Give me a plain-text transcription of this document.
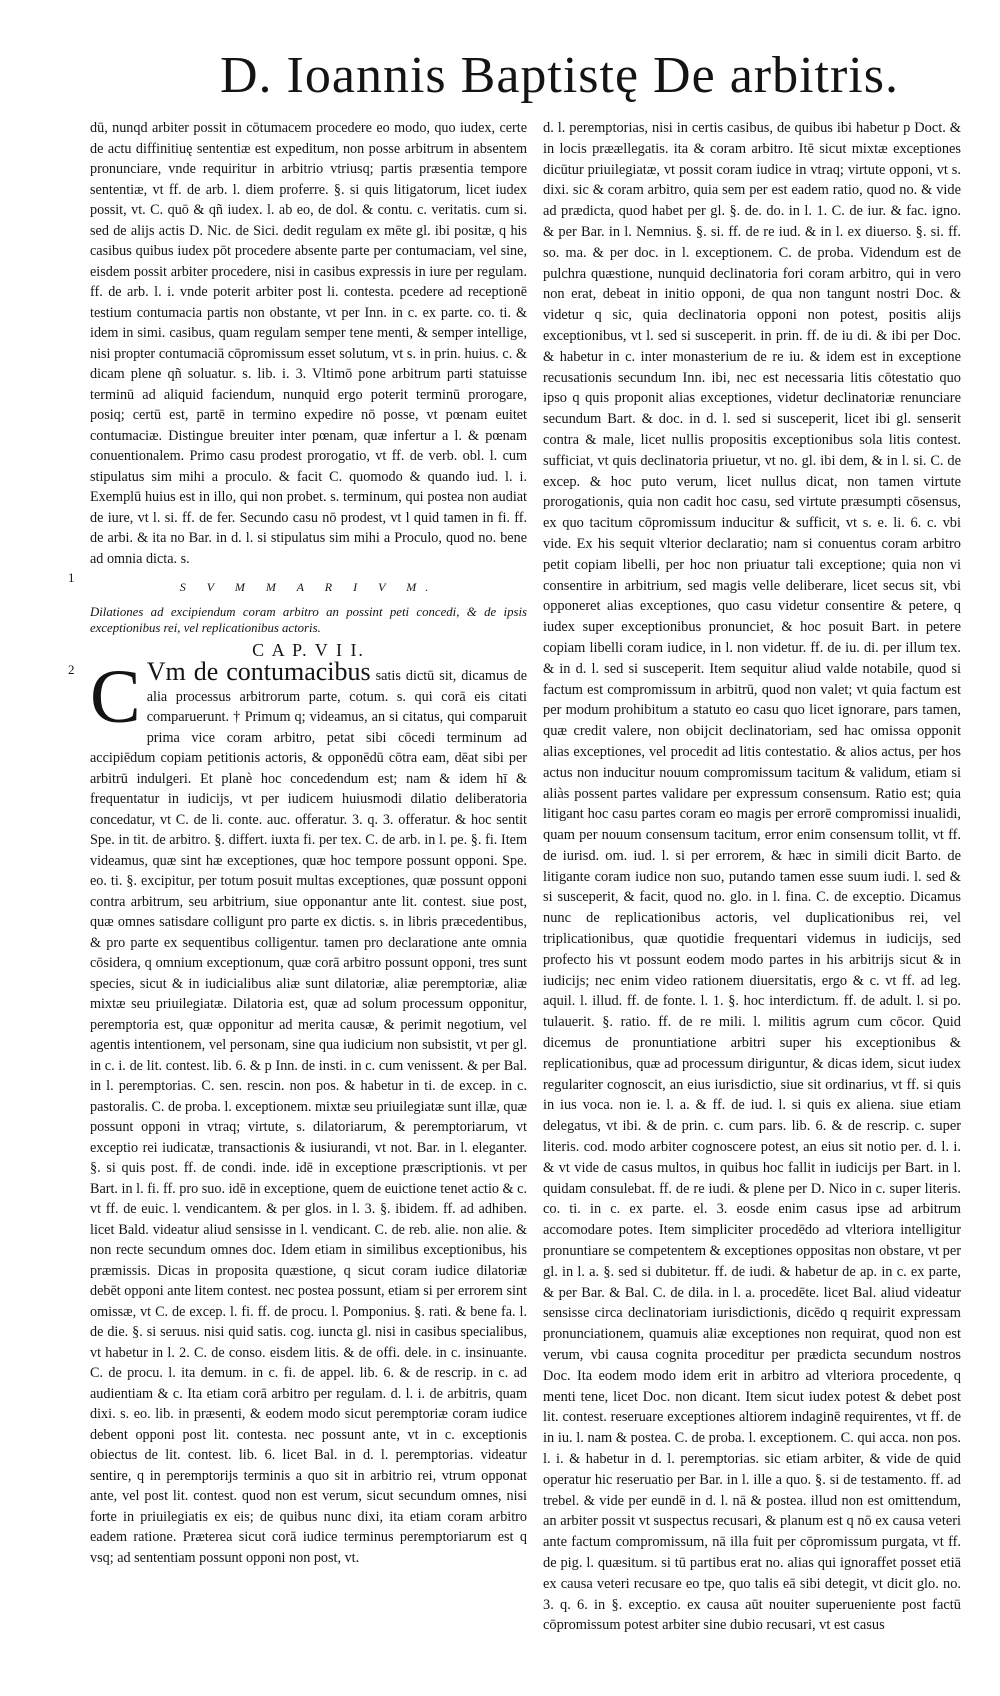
D. Ioannis Baptistę De arbitris.

dū, nunqd arbiter possit in cōtumacem procedere eo modo, quo iudex, certe de actu diffinitiuę sententiæ est expeditum, non posse arbitrum in absentem pronunciare, vnde requiritur in arbitrio vtriusq; partis præsentia tempore sententiæ, vt ff. de arb. l. diem proferre. §. si quis litigatorum, licet iudex possit, vt. C. quō & qñ iudex. l. ab eo, de dol. & contu. c. veritatis. cum si. sed de alijs actis D. Nic. de Sici. dedit regulam ex mēte gl. ibi positæ, q his casibus quibus iudex pōt procedere absente parte per contumaciam, vel sine, eisdem possit arbiter procedere, nisi in casibus expressis in iure per regulam. ff. de arb. l. i. vnde poterit arbiter post li. contesta. pcedere ad receptionē testium contumacia partis non obstante, vt per Inn. in c. ex parte. co. ti. & idem in simi. casibus, quam regulam semper tene menti, & semper intellige, nisi propter contumaciā cōpromissum esset solutum, vt s. in prin. huius. c. & dicam plene qñ soluatur. s. lib. i. 3. Vltimō pone arbitrum parti statuisse terminū ad aliquid faciendum, nunquid ergo poterit terminū prorogare, posiq; certū est, partē in termino expedire nō posse, vt pœnam euitet contumaciæ. Distingue breuiter inter pœnam, quæ infertur a l. & pœnam conuentionalem. Primo casu prodest prorogatio, vt ff. de verb. obl. l. cum stipulatus sim mihi a proculo. & facit C. quomodo & quando iud. l. i. Exemplū huius est in illo, qui non probet. s. terminum, qui postea non audiat de iure, vt l. si. ff. de fer. Secundo casu nō prodest, vt l quid tamen in fi. ff. de arbi. & ita no Bar. in d. l. si stipulatus sim mihi a Proculo, quod no. bene ad omnia dicta. s.

S V M M A R I V M.

Dilationes ad excipiendum coram arbitro an possint peti concedi, & de ipsis exceptionibus rei, vel replicationibus actoris.

C A P. V I I.

C Vm de contumacibus satis dictū sit, dicamus de alia processus arbitrorum parte, cotum. s. qui corā eis citati comparuerunt. † Primum q; videamus, an si citatus, qui comparuit prima vice coram arbitro, petat sibi cōcedi terminum ad accipiēdum copiam petitionis actoris, & opponēdū cōtra eam, dēat sibi per arbitrū indulgeri. Et planè hoc concedendum est; nam & idem hī & frequentatur in iudicijs, vt per iudicem huiusmodi dilatio deliberatoria concedatur, vt C. de li. conte. auc. offeratur. 3. q. 3. offeratur. & hoc sentit Spe. in tit. de arbitro. §. differt. iuxta fi. per tex. C. de arb. in l. pe. §. fi. Item videamus, quæ sint hæ exceptiones, quæ hoc tempore possunt opponi. Spe. eo. ti. §. excipitur, per totum posuit multas exceptiones, quæ possunt opponi contra arbitrum, seu arbitrium, siue opponantur ante lit. contest. siue post, quæ omnes satisdare colligunt pro parte ex dictis. s. in libris præcedentibus, & pro parte ex sequentibus colligentur. tamen pro declaratione ante omnia cōsidera, q omnium exceptionum, quæ corā arbitro possunt opponi, tres sunt species, sicut & in iudicialibus aliæ sunt dilatoriæ, aliæ peremptoriæ, aliæ mixtæ seu priuilegiatæ. Dilatoria est, quæ ad solum processum opponitur, peremptoria est, quæ opponitur ad merita causæ, & perimit negotium, vel agentis intentionem, vel personam, sine qua iudicium non subsistit, vt per gl. in c. i. de lit. contest. lib. 6. & p Inn. de insti. in c. cum venissent. & per Bal. in l. peremptorias. C. sen. rescin. non pos. & habetur in ti. de excep. in c. pastoralis. C. de proba. l. exceptionem. mixtæ seu priuilegiatæ sunt illæ, quæ possunt opponi in vtraq; virtute, s. dilatoriarum, & peremptoriarum, vt exceptio rei iudicatæ, transactionis & iusiurandi, vt not. Bar. in l. eleganter. §. si quis post. ff. de condi. inde. idē in exceptione præscriptionis. vt per Bart. in l. fi. ff. pro suo. idē in exceptione, quem de euictione tenet actio & c. vt ff. de euic. l. vendicantem. & per glos. in l. 3. §. ibidem. ff. ad adhiben. licet Bald. videatur aliud sensisse in l. vendicant. C. de reb. alie. non alie. & non recte secundum omnes doc. Idem etiam in similibus exceptionibus, his præmissis. Dicas in proposita quæstione, q sicut coram iudice dilatoriæ debēt opponi ante litem contest. nec postea possunt, etiam si per errorem sint omissæ, vt C. de excep. l. fi. ff. de procu. l. Pomponius. §. rati. & bene fa. l. de die. §. si seruus. nisi quid satis. cog. iuncta gl. nisi in casibus specialibus, vt habetur in l. 2. C. de conso. eisdem litis. & de offi. dele. in c. insinuante. C. de procu. l. ita demum. in c. fi. de appel. lib. 6. & de rescrip. in c. ad audientiam & c. Ita etiam corā arbitro per regulam. d. l. i. de arbitris, quam dixi. s. eo. lib. in præsenti, & eodem modo sicut peremptoriæ coram iudice debent opponi post lit. contesta. nec possunt ante, vt in c. exceptionis obiectus de lit. contest. lib. 6. licet Bal. in d. l. peremptorias. videatur sentire, q in peremptorijs terminis a quo sit in arbitrio rei, vtrum opponat ante, vel post lit. contest. quod non est verum, sicut secundum omnes, nisi forte in priuilegiatis ex eis; de quibus nunc dixi, ita etiam coram arbitro eadem ratione. Præterea sicut corā iudice terminus peremptoriarum est q vsq; ad sententiam possunt opponi non post, vt.

1
2

d. l. peremptorias, nisi in certis casibus, de quibus ibi habetur p Doct. & in locis præællegatis. ita & coram arbitro. Itē sicut mixtæ exceptiones dicūtur priuilegiatæ, vt possit coram iudice in vtraq; virtute opponi, vt s. dixi. sic & coram arbitro, quia sem per est eadem ratio, quod no. & vide ad prædicta, quod habet per gl. §. de. do. in l. 1. C. de iur. & fac. igno. & per Bar. in l. Nemnius. §. si. ff. de re iud. & in l. ex diuerso. §. si. ff. so. ma. & per doc. in l. exceptionem. C. de proba. Videndum est de pulchra quæstione, nunquid declinatoria fori coram arbitro, qui in vero non erat, debeat in initio opponi, de qua non tangunt nostri Doc. & videtur q sic, quia declinatoria opponi non potest, positis alijs exceptionibus, vt l. sed si susceperit. in prin. ff. de iu di. & ibi per Doc. & habetur in c. inter monasterium de re iu. & idem est in exceptione recusationis secundum Inn. ibi, nec est necessaria litis cōtestatio quo ipso q quis proponit alias exceptiones, videtur declinatoriæ renunciare secundum Bart. & doc. in d. l. sed si susceperit, licet ibi gl. senserit contra & male, licet nullis propositis exceptionibus sola litis contest. sufficiat, vt quis declinatoria priuetur, vt no. gl. ibi dem, & in l. si. C. de excep. & hoc puto verum, licet nullus dicat, non tamen virtute prorogationis, quia non cadit hoc casu, sed virtute præsumpti cōsensus, ex quo tacitum cōpromissum inducitur & sufficit, vt s. e. li. 6. c. vbi vide. Ex his sequit vlterior declaratio; nam si conuentus coram arbitro petit copiam libelli, per hoc non priuatur tali exceptione; quia non vi consentire in arbitrium, sed magis velle deliberare, licet secus sit, vbi opponeret alias exceptiones, quo casu videtur consentire & petere, q iudex super exceptionibus pronunciet, & hoc posuit Bart. in petere copiam libelli coram iudice, in l. non videtur. ff. de iu. di. per illum tex. & in d. l. sed si susceperit. Item sequitur aliud valde notabile, quod si factum est compromissum in arbitrū, quod non valet; vt quia factum est per modum prohibitum a statuto eo casu quo licet ignorare, pars tamen, quæ credit valere, non obijcit declinatoriam, sed hac omissa opponit alias exceptiones, vel procedit ad litis contestatio. & alios actus, per hos actus non inducitur nouum compromissum tacitum & validum, etiam si aliàs possent partes validare per expressum consensum. Ratio est; quia litigant hoc casu partes coram eo magis per errorē compromissi inualidi, quam per nouum consensum tacitum, error enim consensum tollit, vt ff. de iurisd. om. iud. l. si per errorem, & hæc in simili dicit Barto. de litigante coram iudice non suo, putando tamen esse suum iudi. l. sed & si susceperit, & facit, quod no. glo. in l. fina. C. de exceptio. Dicamus nunc de replicationibus actoris, vel duplicationibus rei, vel triplicationibus, quæ quotidie frequentari videmus in iudicijs, sed profecto his vt possunt eodem modo partes in his arbitrijs sicut & in iudicijs; nec enim video rationem diuersitatis, ergo & c. vt ff. ad leg. aquil. l. illud. ff. de fonte. l. 1. §. hoc interdictum. ff. de adult. l. si po. tulauerit. §. ratio. ff. de re mili. l. militis agrum cum cōcor. Quid dicemus de pronuntiatione arbitri super his exceptionibus & replicationibus, quæ ad processum diriguntur, & dicas idem, sicut iudex regulariter cognoscit, an eius iurisdictio, siue sit ordinarius, vt ff. si quis in ius voca. non ie. l. a. & ff. de iud. l. si quis ex aliena. siue etiam delegatus, vt ibi. & de prin. c. cum pars. lib. 6. & de rescrip. c. super literis. cod. modo arbiter cognoscere potest, an eius sit notio per. d. l. i. & vt vide de casus multos, in quibus hoc fallit in iudicijs per Bart. in l. quidam consulebat. ff. de re iudi. & plene per D. Nico in c. super literis. co. ti. in c. ex parte. el. 3. eosde enim casus ipse ad arbitrum accomodare potes. Item simpliciter procedēdo ad vlteriora intelligitur pronuntiare se competentem & exceptiones oppositas non obstare, vt per gl. in l. a. §. sed si dubitetur. ff. de iudi. & habetur de ap. in c. ex parte, & per Bar. & Bal. C. de dila. in l. a. procedēte. licet Bal. aliud videatur sensisse circa declinatoriam iurisdictionis, dicēdo q requirit expressam pronunciationem, quamuis aliæ exceptiones non requirat, quod non est verum, vbi causa cognita proceditur per prædicta secundum nostros Doc. Ita eodem modo idem erit in arbitro ad vlteriora procedente, q menti tene, licet Doc. non dicant. Item sicut iudex potest & debet post lit. contest. reseruare exceptiones altiorem indaginē requirentes, vt ff. de in iu. l. nam & postea. C. de proba. l. exceptionem. C. qui acca. non pos. l. i. & habetur in d. l. peremptorias. sic etiam arbiter, & vide de quid operatur hic reseruatio per Bar. in l. ille a quo. §. si de testamento. ff. ad trebel. & vide per eundē in d. l. nā & postea. illud non est omittendum, an arbiter possit vt suspectus recusari, & planum est q nō ex causa veteri ante factum compromissum, nā illa fuit per cōpromissum purgata, vt ff. de pig. l. quæsitum. si tū partibus erat no. alias qui ignoraffet posset etiā ex causa veteri recusare eo tpe, quo talis eā sibi detegit, vt dicit glo. no. 3. q. 6. in §. exceptio. ex causa aūt nouiter superueniente post factū cōpromissum potest arbiter sine dubio recusari, vt est casus
